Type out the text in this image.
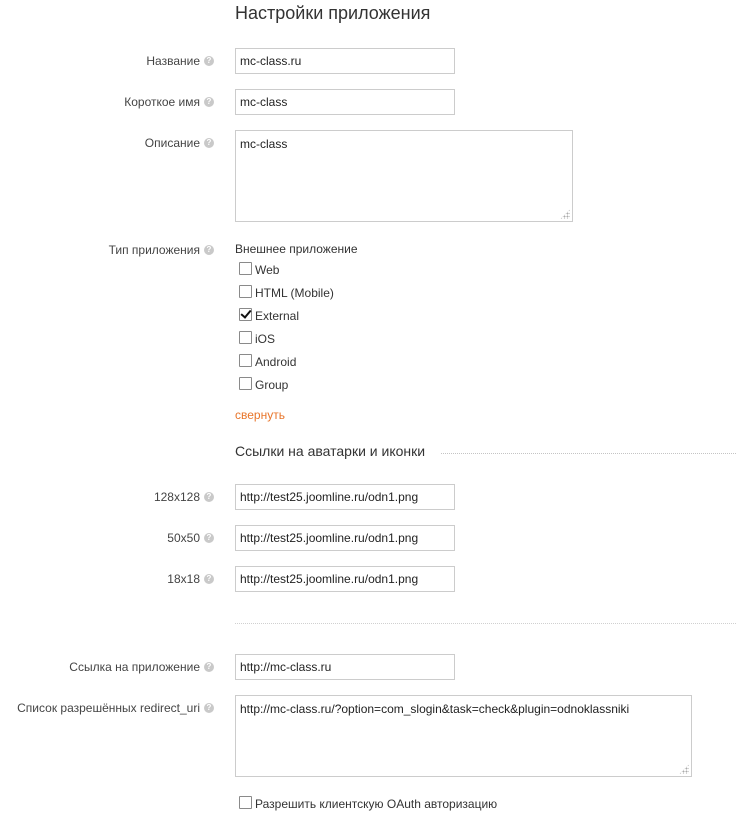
Настройки приложения
Название ?	mc-class.ru
Короткое имя ?	mc-class
Описание ?	mc-class
Тип приложения ? Внешнее приложение
Web
HTML (Mobile)
External
iOS
Android
Group
свернуть
Ссылки на аватарки и иконки
128x128 ?	http://test25.joomline.ru/odn1.png
50x50 ?	http://test25.joomline.ru/odn1.png
18x18 ?	http://test25.joomline.ru/odn1.png
Ссылка на приложение ?	http://mc-class.ru
Список разрешённых redirect_uri ?	http://mc-class.ru/?option=com_slogin&task=check&plugin=odnoklassniki
Разрешить клиентскую OAuth авторизацию
